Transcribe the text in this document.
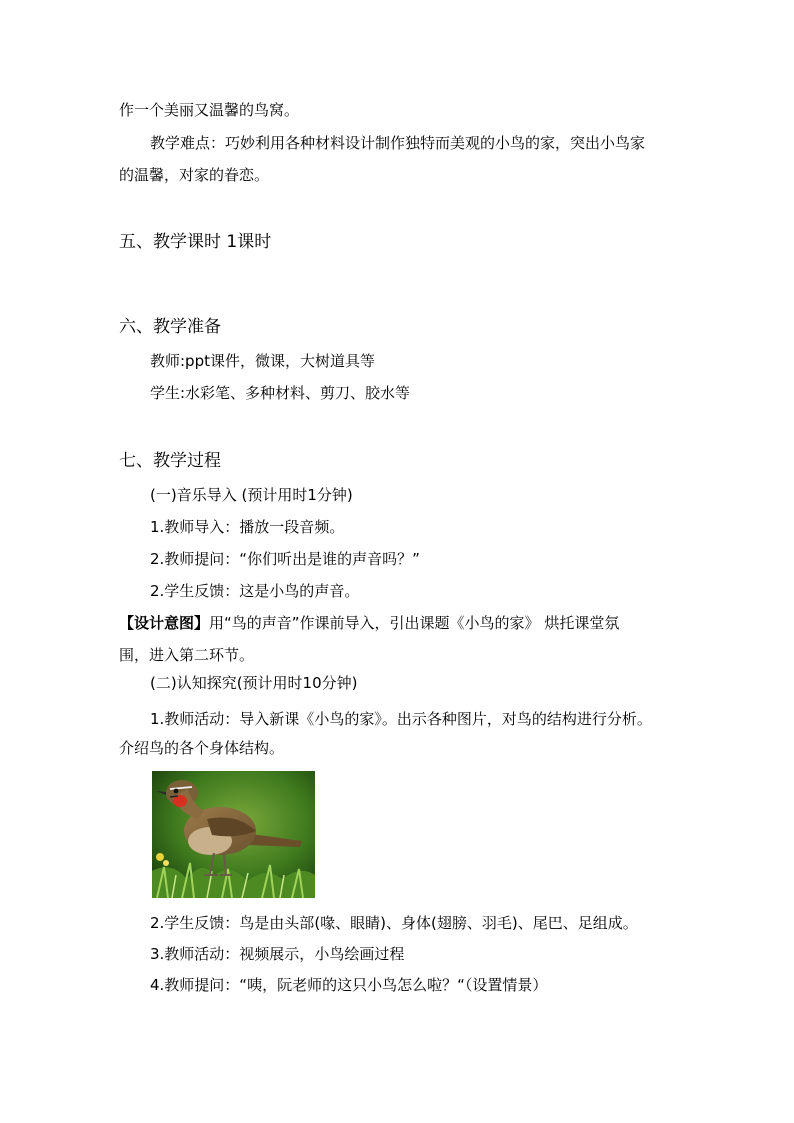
作一个美丽又温馨的鸟窝。
教学难点：巧妙利用各种材料设计制作独特而美观的小鸟的家，突出小鸟家
的温馨，对家的眷恋。
五、教学课时 1课时
六、教学准备
教师:ppt课件，微课，大树道具等
学生:水彩笔、多种材料、剪刀、胶水等
七、教学过程
(一)音乐导入 (预计用时1分钟)
1.教师导入：播放一段音频。
2.教师提问：“你们听出是谁的声音吗？”
2.学生反馈：这是小鸟的声音。
【设计意图】用“鸟的声音”作课前导入，引出课题《小鸟的家》 烘托课堂氛
围，进入第二环节。
(二)认知探究(预计用时10分钟)
1.教师活动：导入新课《小鸟的家》。出示各种图片，对鸟的结构进行分析。
介绍鸟的各个身体结构。
2.学生反馈：鸟是由头部(喙、眼睛)、身体(翅膀、羽毛)、尾巴、足组成。
3.教师活动：视频展示，小鸟绘画过程
4.教师提问：“咦，阮老师的这只小鸟怎么啦？“（设置情景）
